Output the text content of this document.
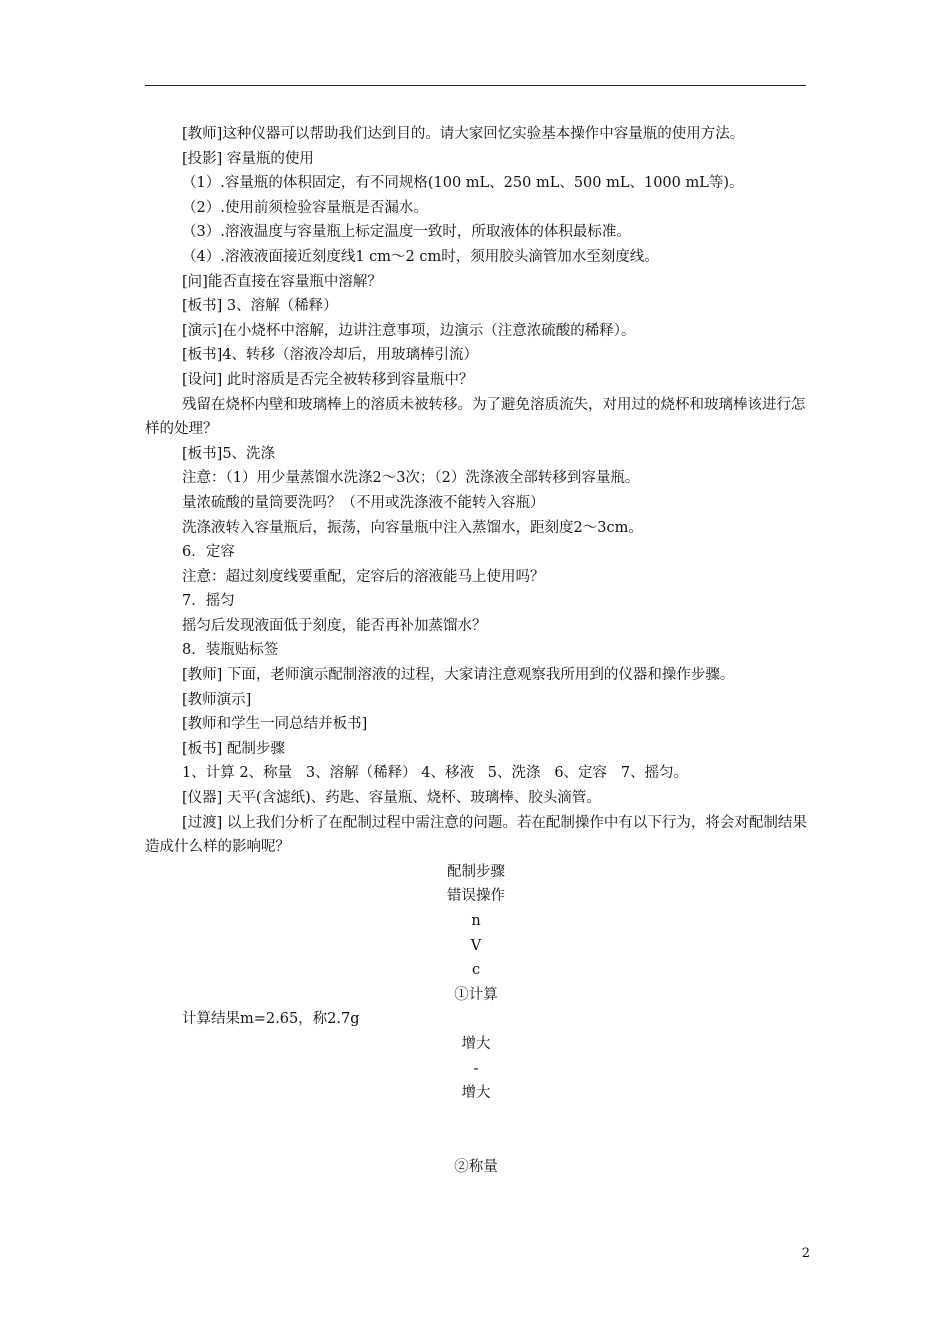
[教师]这种仪器可以帮助我们达到目的。请大家回忆实验基本操作中容量瓶的使用方法。

[投影] 容量瓶的使用

（1）.容量瓶的体积固定，有不同规格(100 mL、250 mL、500 mL、1000 mL等)。

（2）.使用前须检验容量瓶是否漏水。

（3）.溶液温度与容量瓶上标定温度一致时，所取液体的体积最标准。

（4）.溶液液面接近刻度线1 cm～2 cm时，须用胶头滴管加水至刻度线。

[问]能否直接在容量瓶中溶解？

[板书] 3、溶解（稀释）

[演示]在小烧杯中溶解，边讲注意事项，边演示（注意浓硫酸的稀释）。

[板书]4、转移（溶液冷却后，用玻璃棒引流）

[设问] 此时溶质是否完全被转移到容量瓶中？

残留在烧杯内壁和玻璃棒上的溶质未被转移。为了避免溶质流失，对用过的烧杯和玻璃棒该进行怎样的处理？

[板书]5、洗涤

注意：（1）用少量蒸馏水洗涤2～3次；（2）洗涤液全部转移到容量瓶。

量浓硫酸的量筒要洗吗？（不用或洗涤液不能转入容瓶）

洗涤液转入容量瓶后，振荡，向容量瓶中注入蒸馏水，距刻度2～3cm。

6．定容

注意：超过刻度线要重配，定容后的溶液能马上使用吗？

7．摇匀

摇匀后发现液面低于刻度，能否再补加蒸馏水？

8．装瓶贴标签

[教师] 下面，老师演示配制溶液的过程，大家请注意观察我所用到的仪器和操作步骤。

[教师演示]

[教师和学生一同总结并板书]

[板书] 配制步骤

1、计算 2、称量   3、溶解（稀释） 4、移液   5、洗涤   6、定容   7、摇匀。

[仪器] 天平(含滤纸)、药匙、容量瓶、烧杯、玻璃棒、胶头滴管。

[过渡] 以上我们分析了在配制过程中需注意的问题。若在配制操作中有以下行为，将会对配制结果造成什么样的影响呢？

配制步骤

错误操作

n

V

c

①计算

计算结果m=2.65，称2.7g

增大

-

增大

②称量

2
